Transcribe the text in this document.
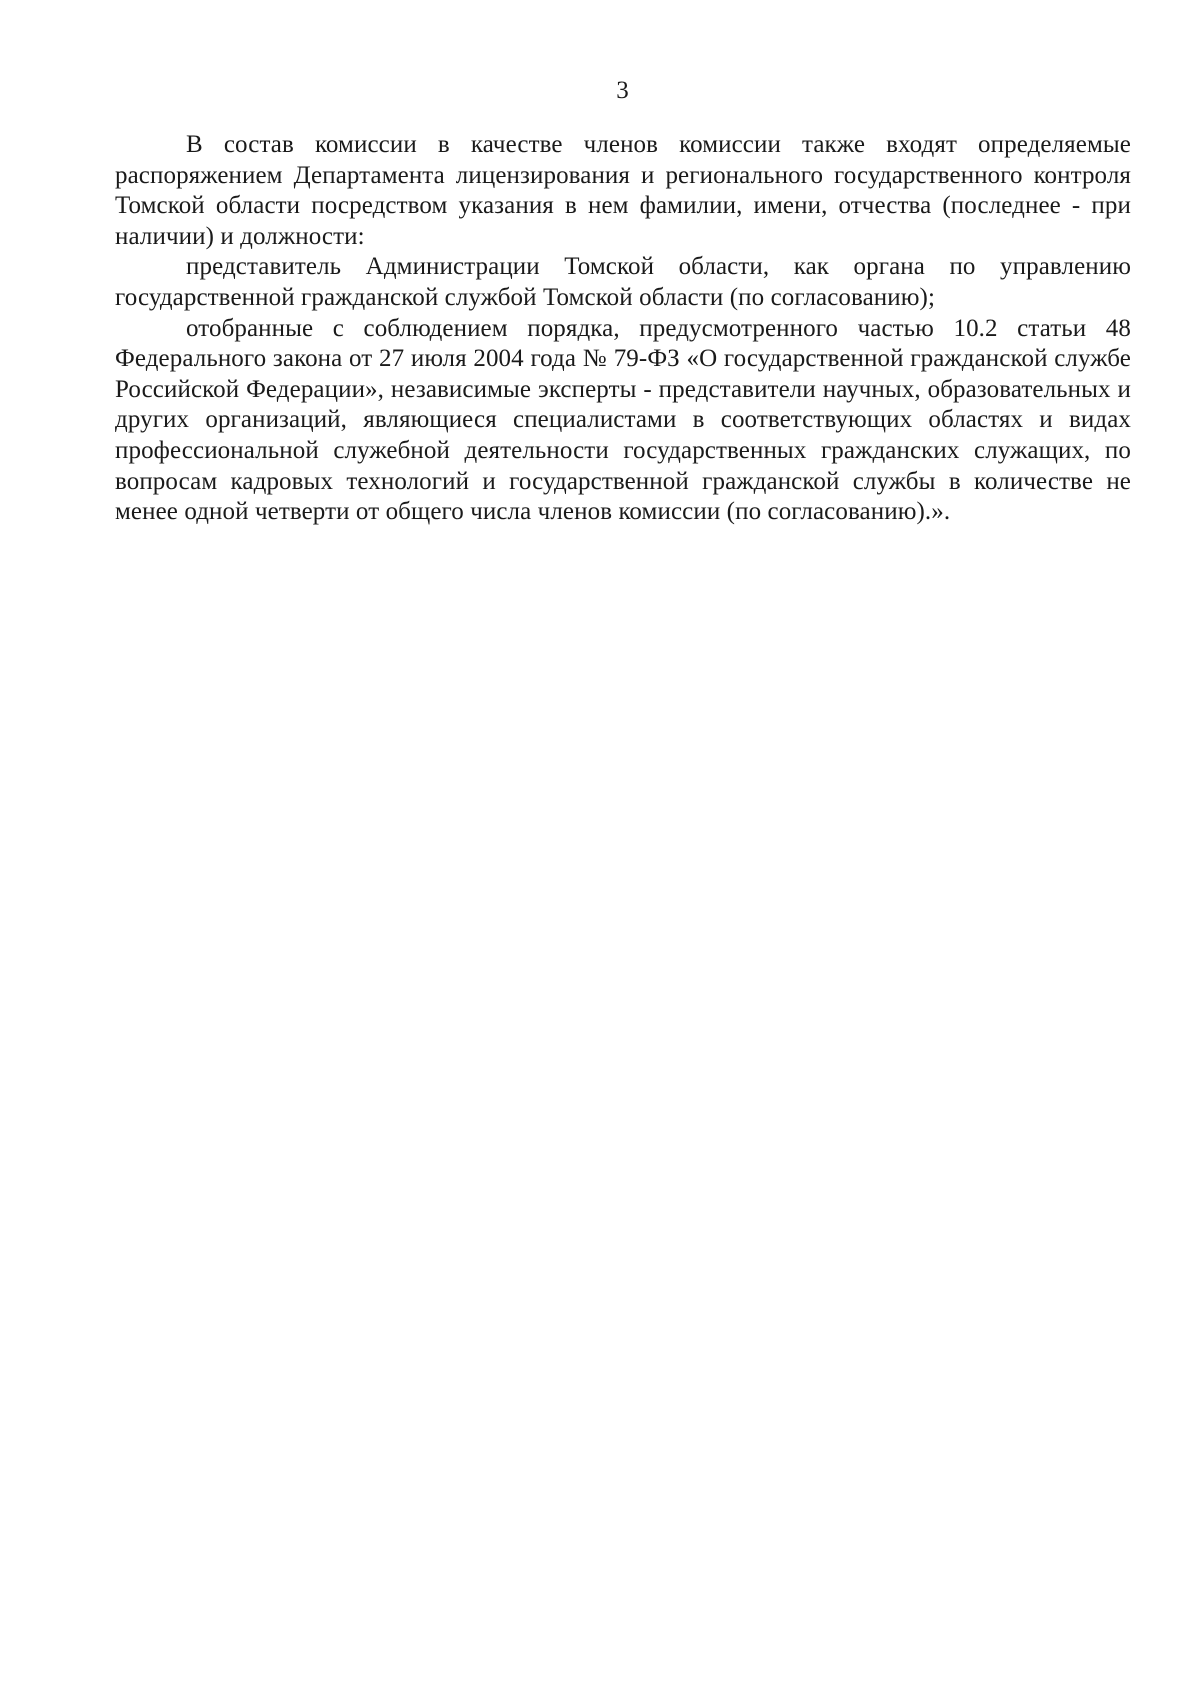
3

В состав комиссии в качестве членов комиссии также входят определяемые распоряжением Департамента лицензирования и регионального государственного контроля Томской области посредством указания в нем фамилии, имени, отчества (последнее - при наличии) и должности:

представитель Администрации Томской области, как органа по управлению государственной гражданской службой Томской области (по согласованию);

отобранные с соблюдением порядка, предусмотренного частью 10.2 статьи 48 Федерального закона от 27 июля 2004 года № 79-ФЗ «О государственной гражданской службе Российской Федерации», независимые эксперты - представители научных, образовательных и других организаций, являющиеся специалистами в соответствующих областях и видах профессиональной служебной деятельности государственных гражданских служащих, по вопросам кадровых технологий и государственной гражданской службы в количестве не менее одной четверти от общего числа членов комиссии (по согласованию).».
